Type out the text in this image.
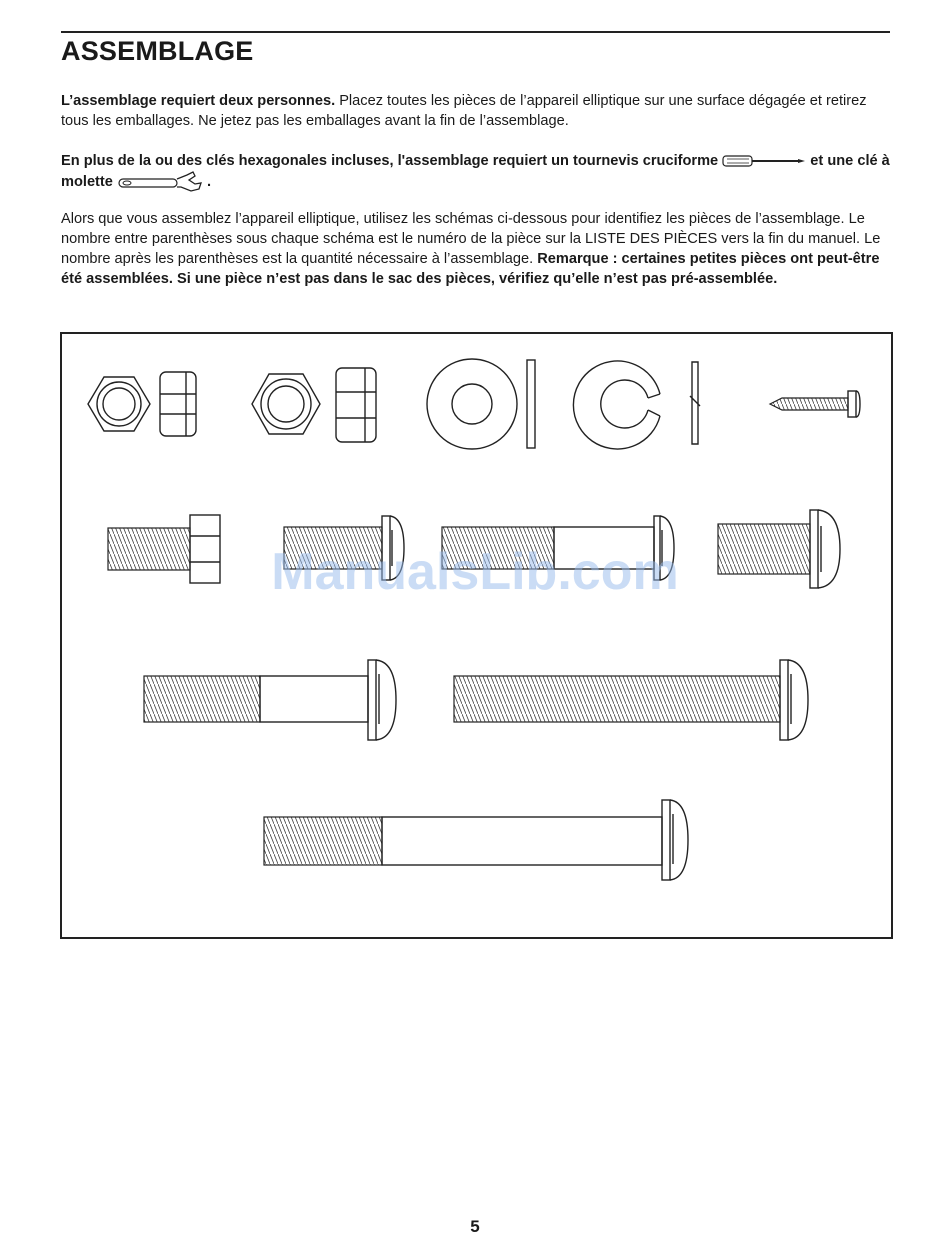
ASSEMBLAGE

L’assemblage requiert deux personnes. Placez toutes les pièces de l’appareil elliptique sur une surface dégagée et retirez tous les emballages. Ne jetez pas les emballages avant la fin de l’assemblage.

En plus de la ou des clés hexagonales incluses, l'assemblage requiert un tournevis cruciforme	et une clé à molette	.

Alors que vous assemblez l’appareil elliptique, utilisez les schémas ci-dessous pour identifiez les pièces de l’assemblage. Le nombre entre parenthèses sous chaque schéma est le numéro de la pièce sur la LISTE DES PIÈCES vers la fin du manuel. Le nombre après les parenthèses est la quantité nécessaire à l’assemblage. Remarque : certaines petites pièces ont peut-être été assemblées. Si une pièce n’est pas dans le sac des pièces, vérifiez qu’elle n’est pas pré-assemblée.

ManualsLib.com
5
